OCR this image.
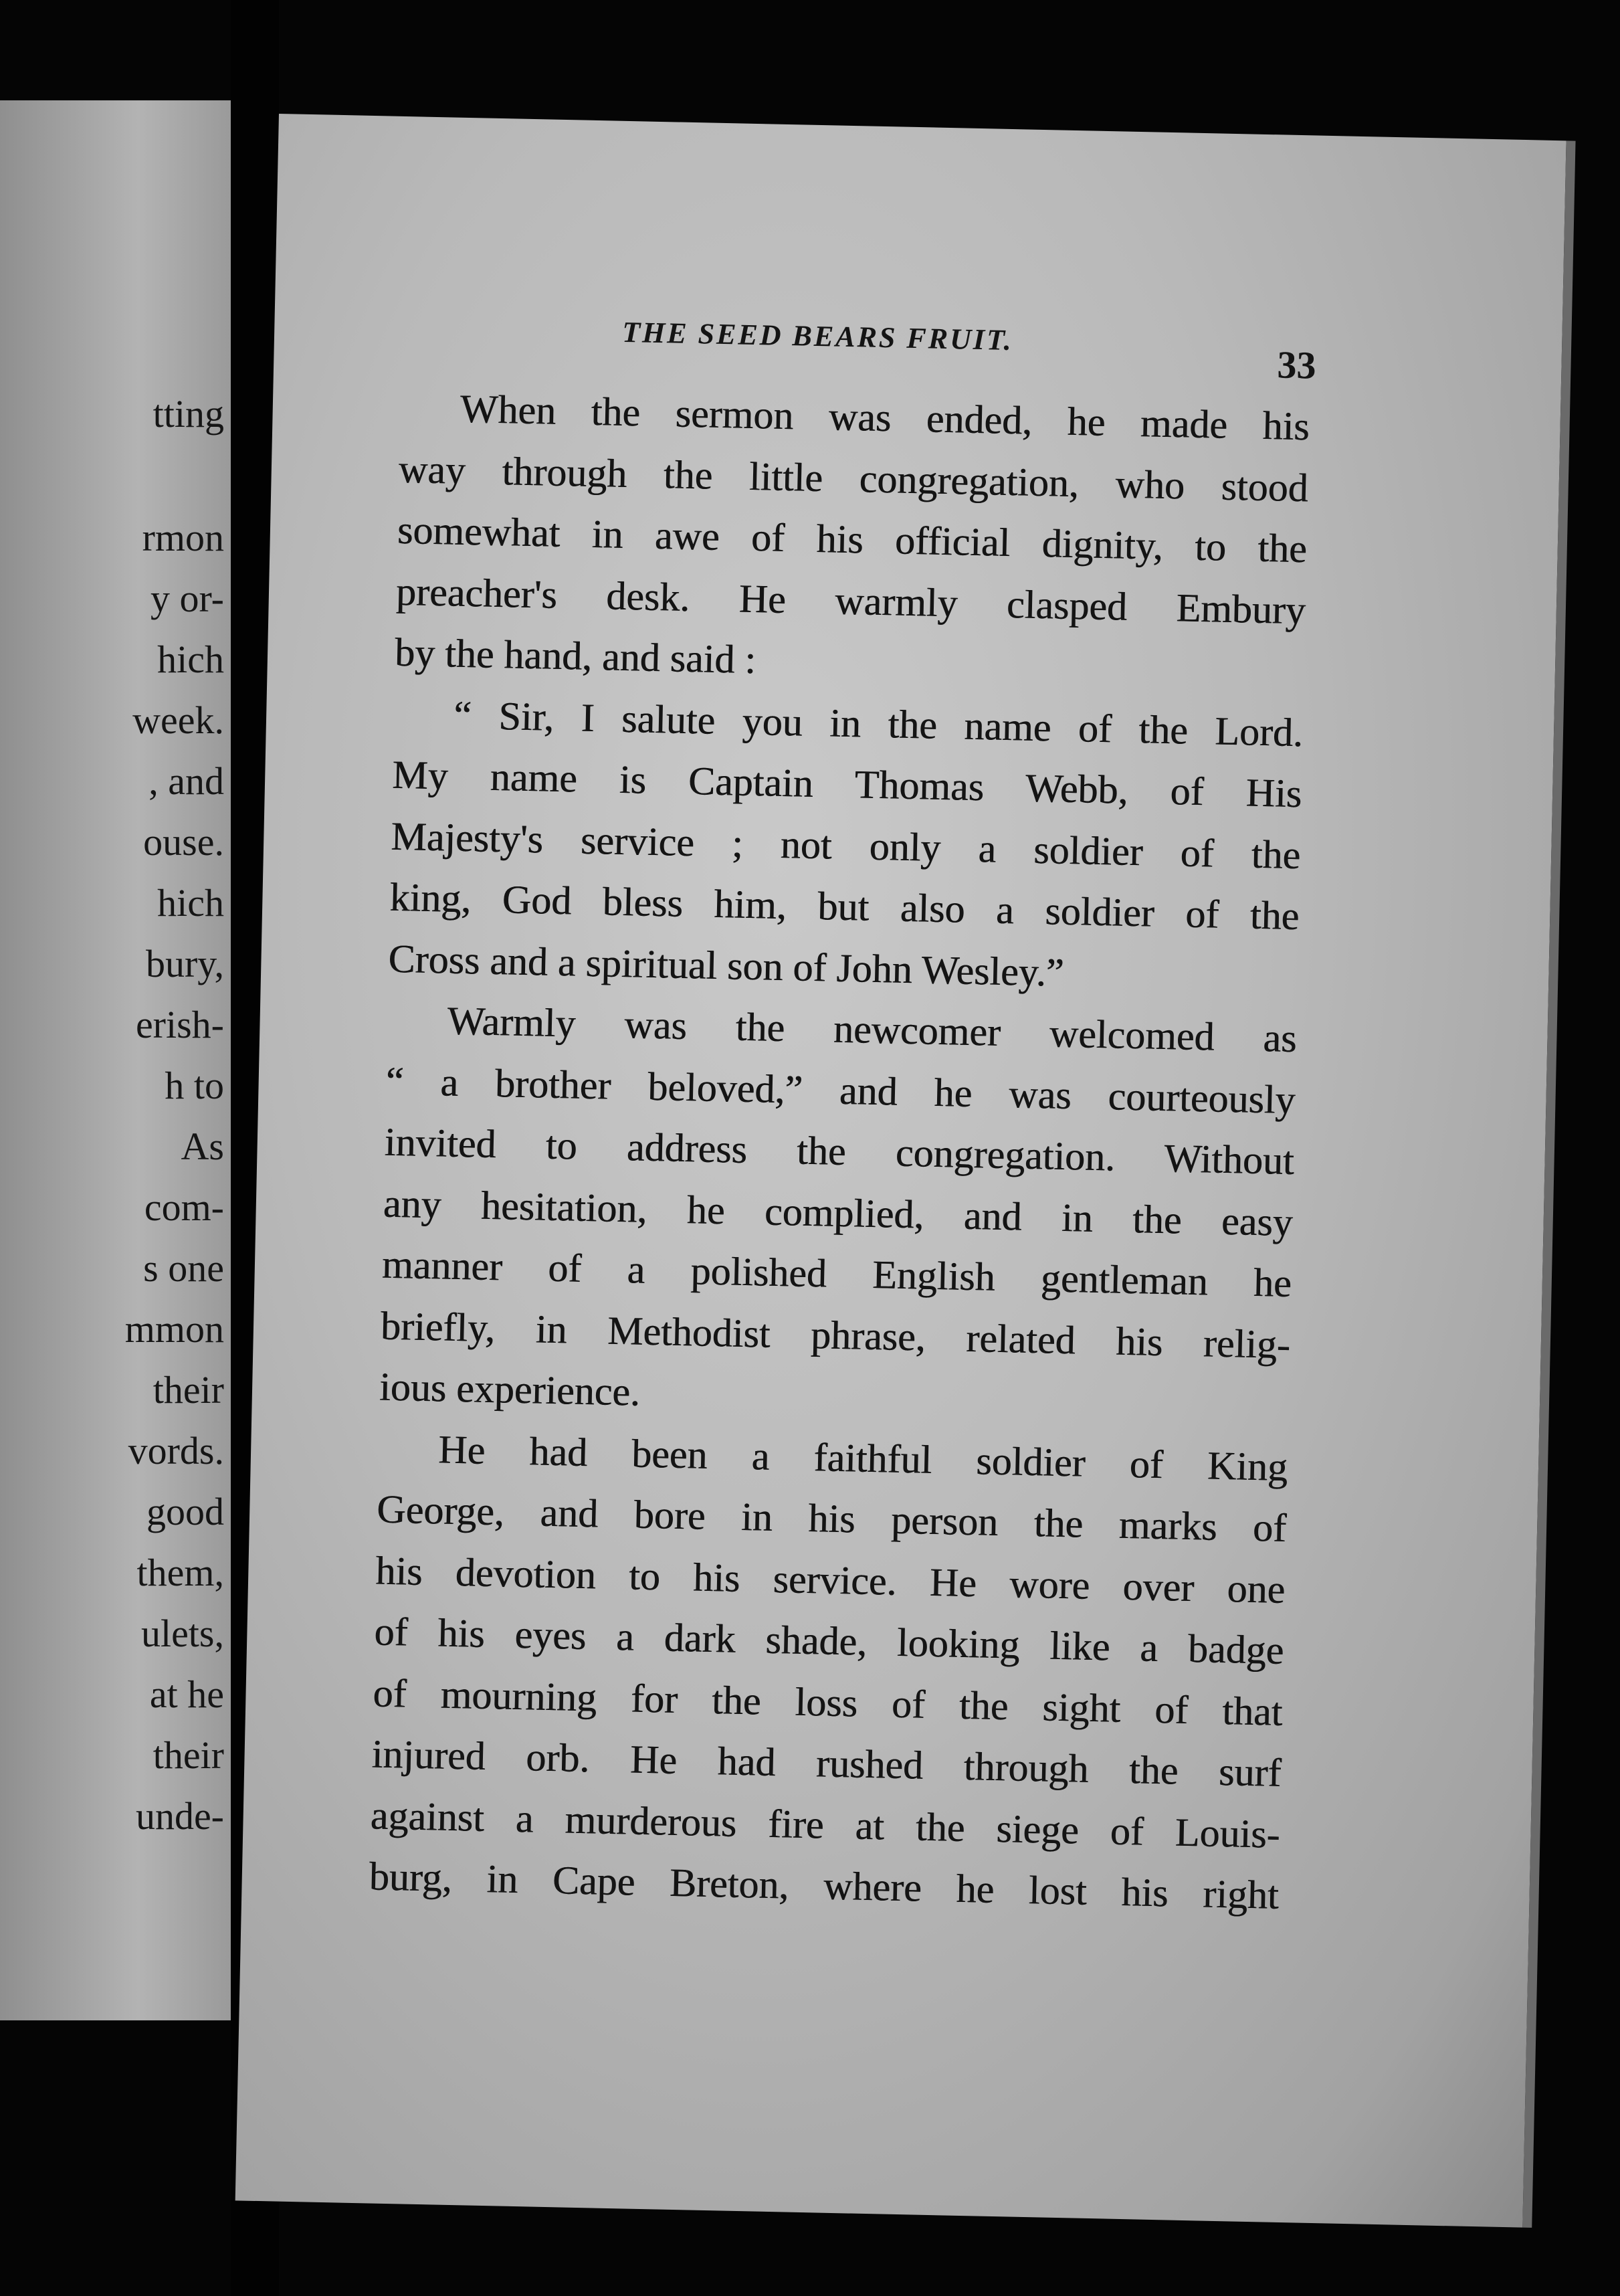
tting
rmon
y or-
hich
week.
, and
ouse.
hich
bury,
erish-
h to
As
com-
s one
mmon
their
vords.
good
them,
ulets,
at he
their
unde-
THE SEED BEARS FRUIT.
33
When the sermon was ended, he made his
way through the little congregation, who stood
somewhat in awe of his official dignity, to the
preacher's desk. He warmly clasped Embury
by the hand, and said :
“ Sir, I salute you in the name of the Lord.
My name is Captain Thomas Webb, of His
Majesty's service ; not only a soldier of the
king, God bless him, but also a soldier of the
Cross and a spiritual son of John Wesley.”
Warmly was the newcomer welcomed as
“ a brother beloved,” and he was courteously
invited to address the congregation. Without
any hesitation, he complied, and in the easy
manner of a polished English gentleman he
briefly, in Methodist phrase, related his relig-
ious experience.
He had been a faithful soldier of King
George, and bore in his person the marks of
his devotion to his service. He wore over one
of his eyes a dark shade, looking like a badge
of mourning for the loss of the sight of that
injured orb. He had rushed through the surf
against a murderous fire at the siege of Louis-
burg, in Cape Breton, where he lost his right
